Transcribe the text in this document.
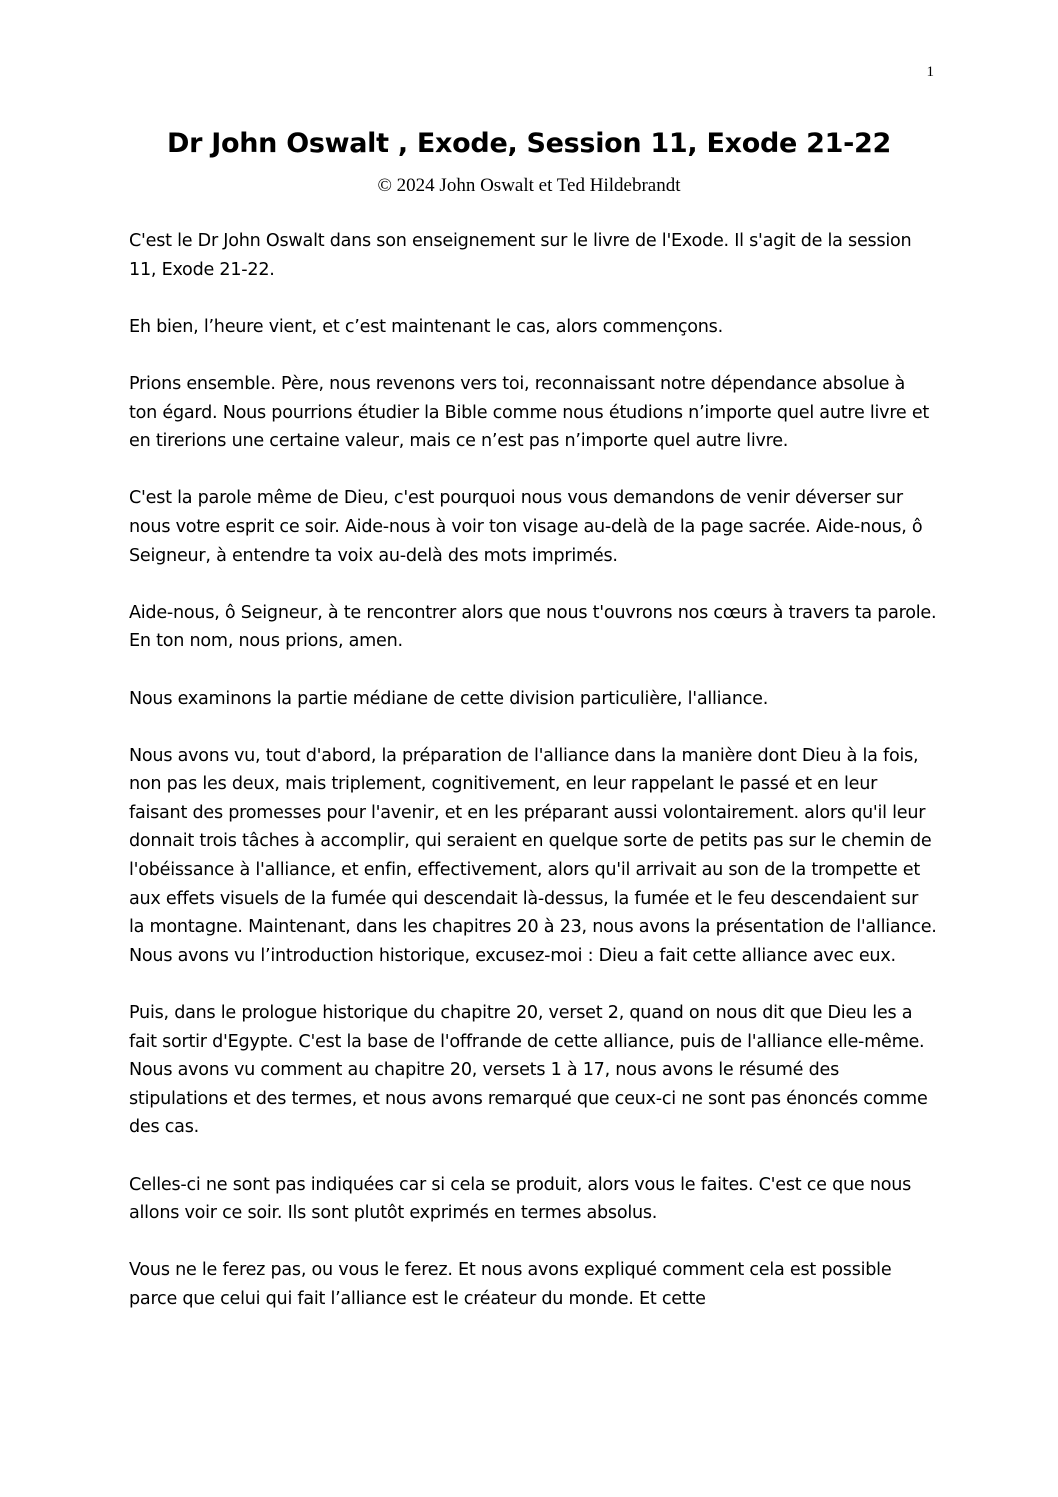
1
Dr John Oswalt , Exode, Session 11, Exode 21-22
© 2024 John Oswalt et Ted Hildebrandt

C'est le Dr John Oswalt dans son enseignement sur le livre de l'Exode. Il s'agit de la session 11, Exode 21-22.

Eh bien, l’heure vient, et c’est maintenant le cas, alors commençons.

Prions ensemble. Père, nous revenons vers toi, reconnaissant notre dépendance absolue à ton égard. Nous pourrions étudier la Bible comme nous étudions n’importe quel autre livre et en tirerions une certaine valeur, mais ce n’est pas n’importe quel autre livre.

C'est la parole même de Dieu, c'est pourquoi nous vous demandons de venir déverser sur nous votre esprit ce soir. Aide-nous à voir ton visage au-delà de la page sacrée. Aide-nous, ô Seigneur, à entendre ta voix au-delà des mots imprimés.

Aide-nous, ô Seigneur, à te rencontrer alors que nous t'ouvrons nos cœurs à travers ta parole. En ton nom, nous prions, amen.

Nous examinons la partie médiane de cette division particulière, l'alliance.

Nous avons vu, tout d'abord, la préparation de l'alliance dans la manière dont Dieu à la fois, non pas les deux, mais triplement, cognitivement, en leur rappelant le passé et en leur faisant des promesses pour l'avenir, et en les préparant aussi volontairement. alors qu'il leur donnait trois tâches à accomplir, qui seraient en quelque sorte de petits pas sur le chemin de l'obéissance à l'alliance, et enfin, effectivement, alors qu'il arrivait au son de la trompette et aux effets visuels de la fumée qui descendait là-dessus, la fumée et le feu descendaient sur la montagne. Maintenant, dans les chapitres 20 à 23, nous avons la présentation de l'alliance. Nous avons vu l’introduction historique, excusez-moi : Dieu a fait cette alliance avec eux.

Puis, dans le prologue historique du chapitre 20, verset 2, quand on nous dit que Dieu les a fait sortir d'Egypte. C'est la base de l'offrande de cette alliance, puis de l'alliance elle-même. Nous avons vu comment au chapitre 20, versets 1 à 17, nous avons le résumé des stipulations et des termes, et nous avons remarqué que ceux-ci ne sont pas énoncés comme des cas.

Celles-ci ne sont pas indiquées car si cela se produit, alors vous le faites. C'est ce que nous allons voir ce soir. Ils sont plutôt exprimés en termes absolus.

Vous ne le ferez pas, ou vous le ferez. Et nous avons expliqué comment cela est possible parce que celui qui fait l’alliance est le créateur du monde. Et cette
